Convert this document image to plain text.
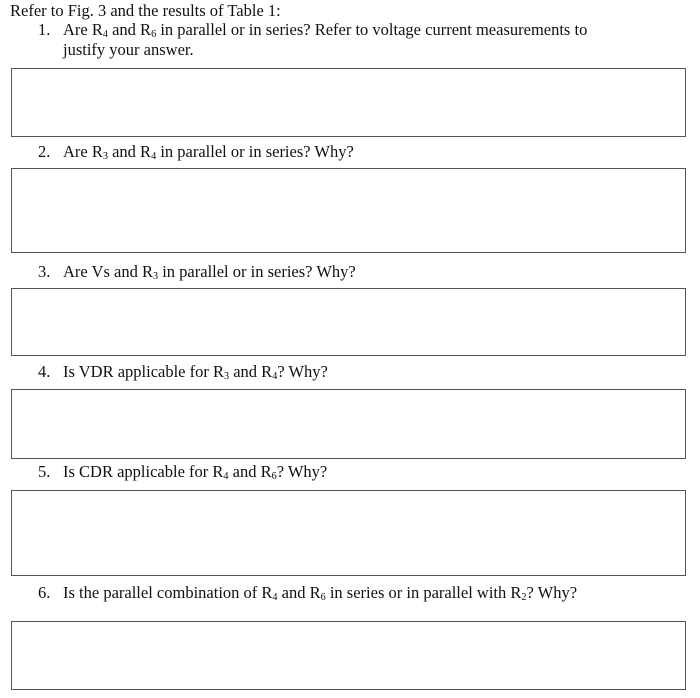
Refer to Fig. 3 and the results of Table 1:
1. Are $R_4$ and $R_6$ in parallel or in series? Refer to voltage current measurements to
justify your answer.
2. Are $R_3$ and $R_4$ in parallel or in series? Why?
3. Are Vs and $R_3$ in parallel or in series? Why?
4. Is VDR applicable for $R_3$ and $R_4$? Why?
5. Is CDR applicable for $R_4$ and $R_6$? Why?
6. Is the parallel combination of $R_4$ and $R_6$ in series or in parallel with $R_2$? Why?
